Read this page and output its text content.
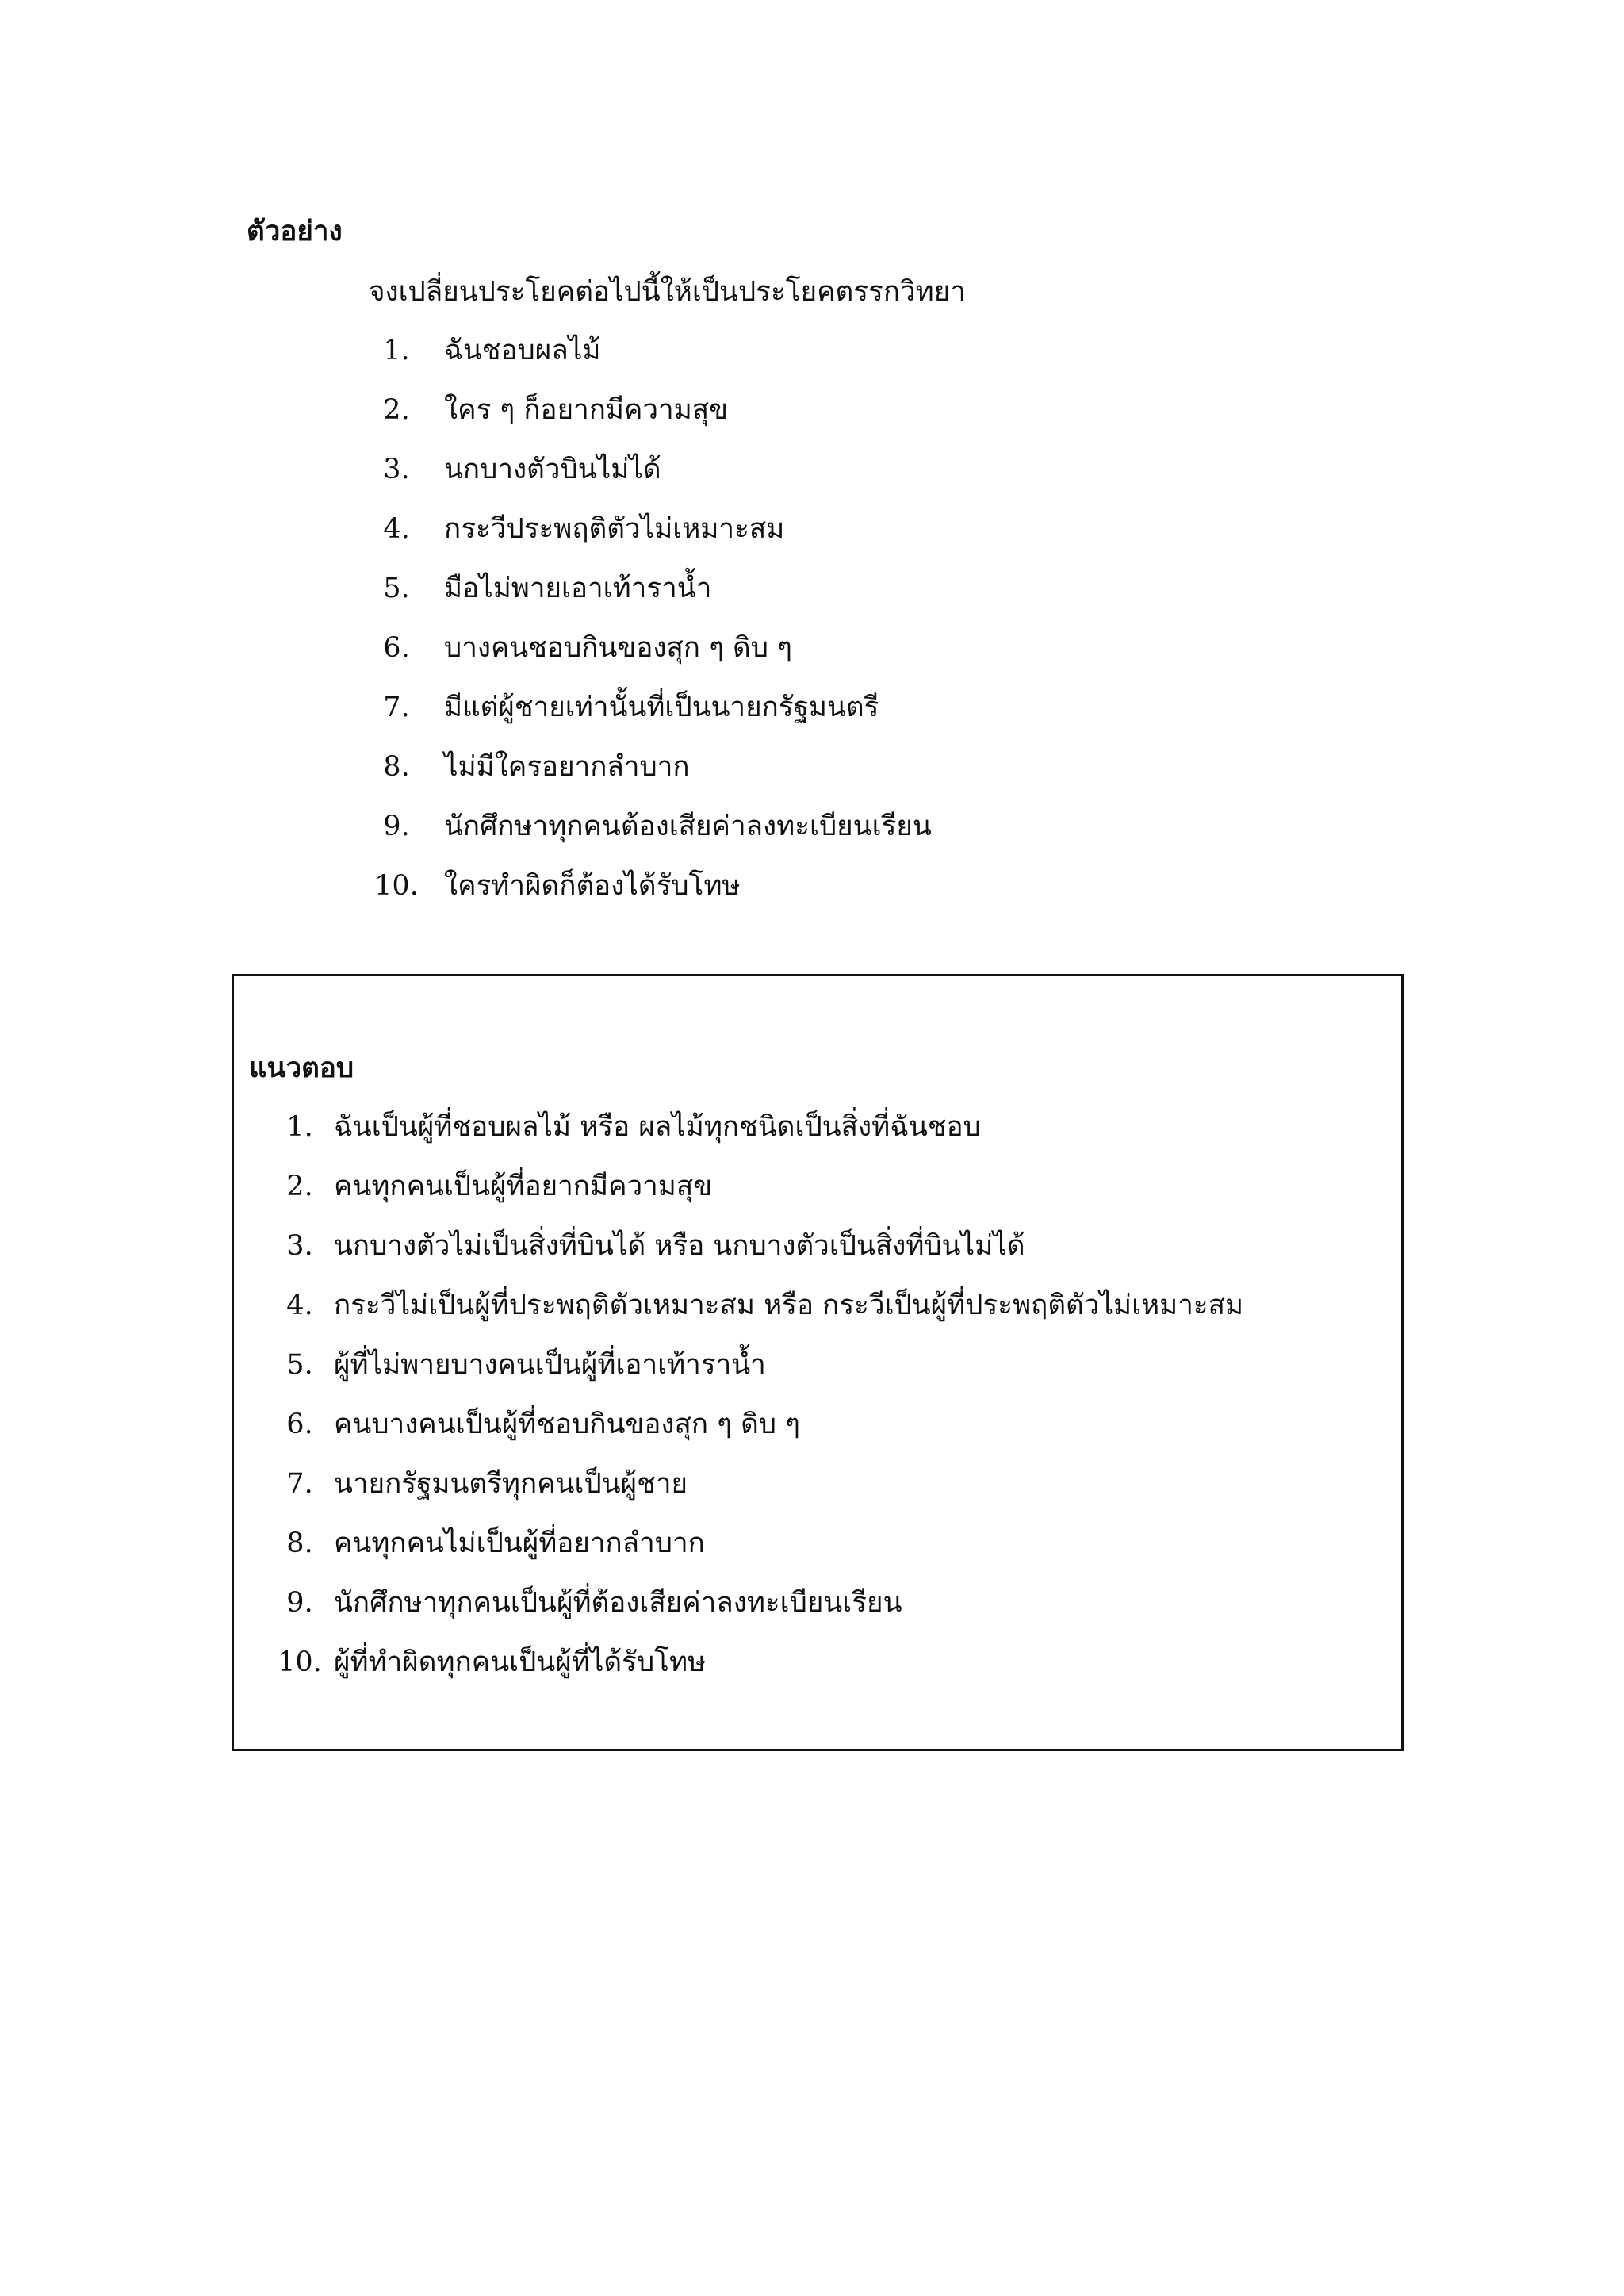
ตัวอย่าง
จงเปลี่ยนประโยคต่อไปนี้ให้เป็นประโยคตรรกวิทยา
1. ฉันชอบผลไม้
2. ใคร ๆ ก็อยากมีความสุข
3. นกบางตัวบินไม่ได้
4. กระวีประพฤติตัวไม่เหมาะสม
5. มือไม่พายเอาเท้าราน้ำ
6. บางคนชอบกินของสุก ๆ ดิบ ๆ
7. มีแต่ผู้ชายเท่านั้นที่เป็นนายกรัฐมนตรี
8. ไม่มีใครอยากลำบาก
9. นักศึกษาทุกคนต้องเสียค่าลงทะเบียนเรียน
10. ใครทำผิดก็ต้องได้รับโทษ
แนวตอบ
1. ฉันเป็นผู้ที่ชอบผลไม้ หรือ ผลไม้ทุกชนิดเป็นสิ่งที่ฉันชอบ
2. คนทุกคนเป็นผู้ที่อยากมีความสุข
3. นกบางตัวไม่เป็นสิ่งที่บินได้ หรือ นกบางตัวเป็นสิ่งที่บินไม่ได้
4. กระวีไม่เป็นผู้ที่ประพฤติตัวเหมาะสม หรือ กระวีเป็นผู้ที่ประพฤติตัวไม่เหมาะสม
5. ผู้ที่ไม่พายบางคนเป็นผู้ที่เอาเท้าราน้ำ
6. คนบางคนเป็นผู้ที่ชอบกินของสุก ๆ ดิบ ๆ
7. นายกรัฐมนตรีทุกคนเป็นผู้ชาย
8. คนทุกคนไม่เป็นผู้ที่อยากลำบาก
9. นักศึกษาทุกคนเป็นผู้ที่ต้องเสียค่าลงทะเบียนเรียน
10. ผู้ที่ทำผิดทุกคนเป็นผู้ที่ได้รับโทษ
